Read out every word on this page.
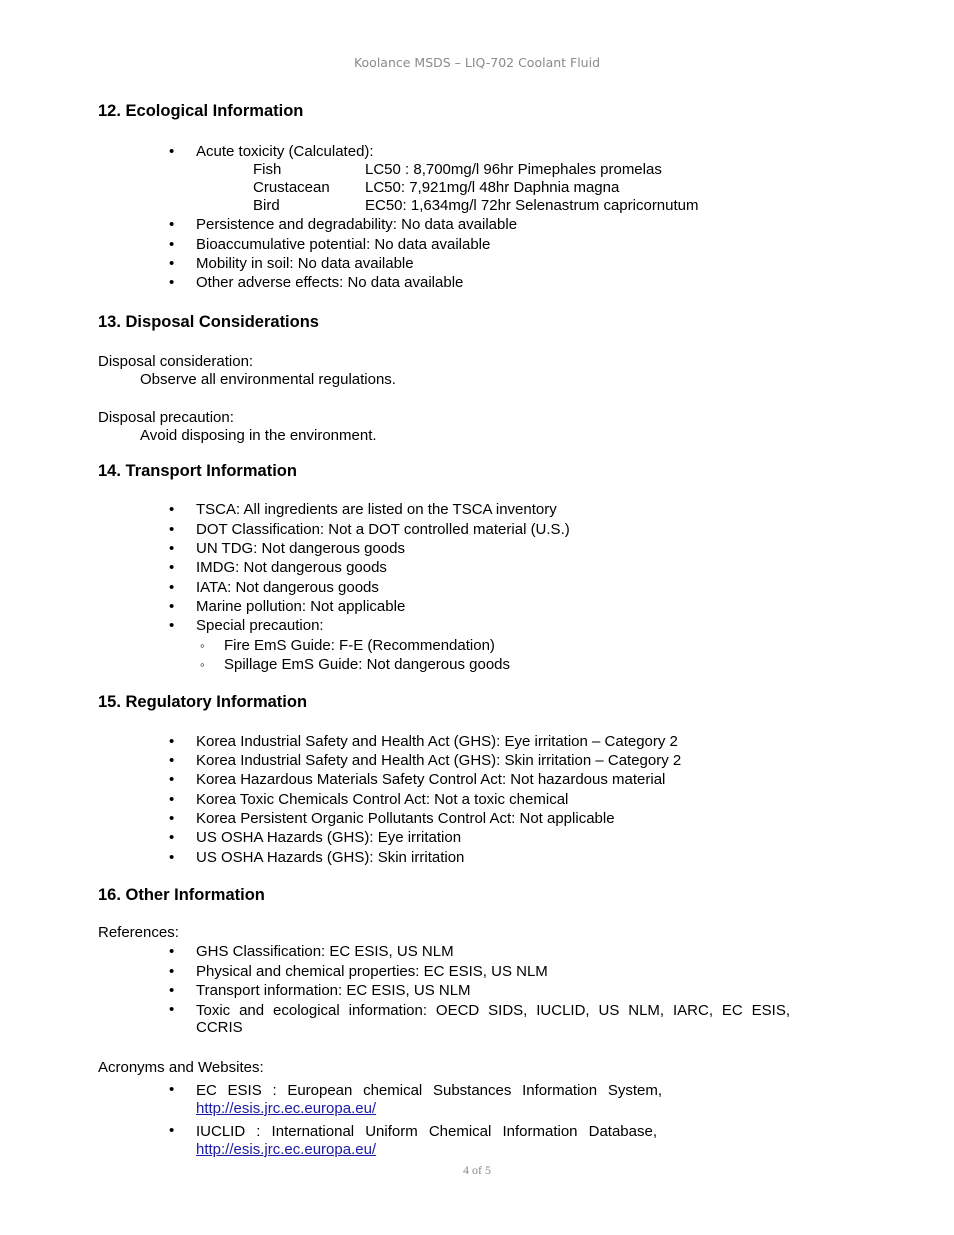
Koolance MSDS – LIQ-702 Coolant Fluid
12. Ecological Information
• Acute toxicity (Calculated):
Fish	LC50 : 8,700mg/l 96hr Pimephales promelas
Crustacean LC50: 7,921mg/l 48hr Daphnia magna
Bird	EC50: 1,634mg/l 72hr Selenastrum capricornutum
• Persistence and degradability: No data available
• Bioaccumulative potential: No data available
• Mobility in soil: No data available
• Other adverse effects: No data available
13. Disposal Considerations
Disposal consideration:
Observe all environmental regulations.
Disposal precaution:
Avoid disposing in the environment.
14. Transport Information
• TSCA: All ingredients are listed on the TSCA inventory
• DOT Classification: Not a DOT controlled material (U.S.)
• UN TDG: Not dangerous goods
• IMDG: Not dangerous goods
• IATA: Not dangerous goods
• Marine pollution: Not applicable
• Special precaution:
◦ Fire EmS Guide: F-E (Recommendation)
◦ Spillage EmS Guide: Not dangerous goods
15. Regulatory Information
• Korea Industrial Safety and Health Act (GHS): Eye irritation – Category 2
• Korea Industrial Safety and Health Act (GHS): Skin irritation – Category 2
• Korea Hazardous Materials Safety Control Act: Not hazardous material
• Korea Toxic Chemicals Control Act: Not a toxic chemical
• Korea Persistent Organic Pollutants Control Act: Not applicable
• US OSHA Hazards (GHS): Eye irritation
• US OSHA Hazards (GHS): Skin irritation
16. Other Information
References:
• GHS Classification: EC ESIS, US NLM
• Physical and chemical properties: EC ESIS, US NLM
• Transport information: EC ESIS, US NLM
Toxic and ecological information: OECD SIDS, IUCLID, US NLM, IARC, EC ESIS,
CCRIS
Acronyms and Websites:
EC ESIS : European chemical Substances Information System,
http://esis.jrc.ec.europa.eu/
IUCLID : International Uniform Chemical Information Database,
http://esis.jrc.ec.europa.eu/
4 of 5
